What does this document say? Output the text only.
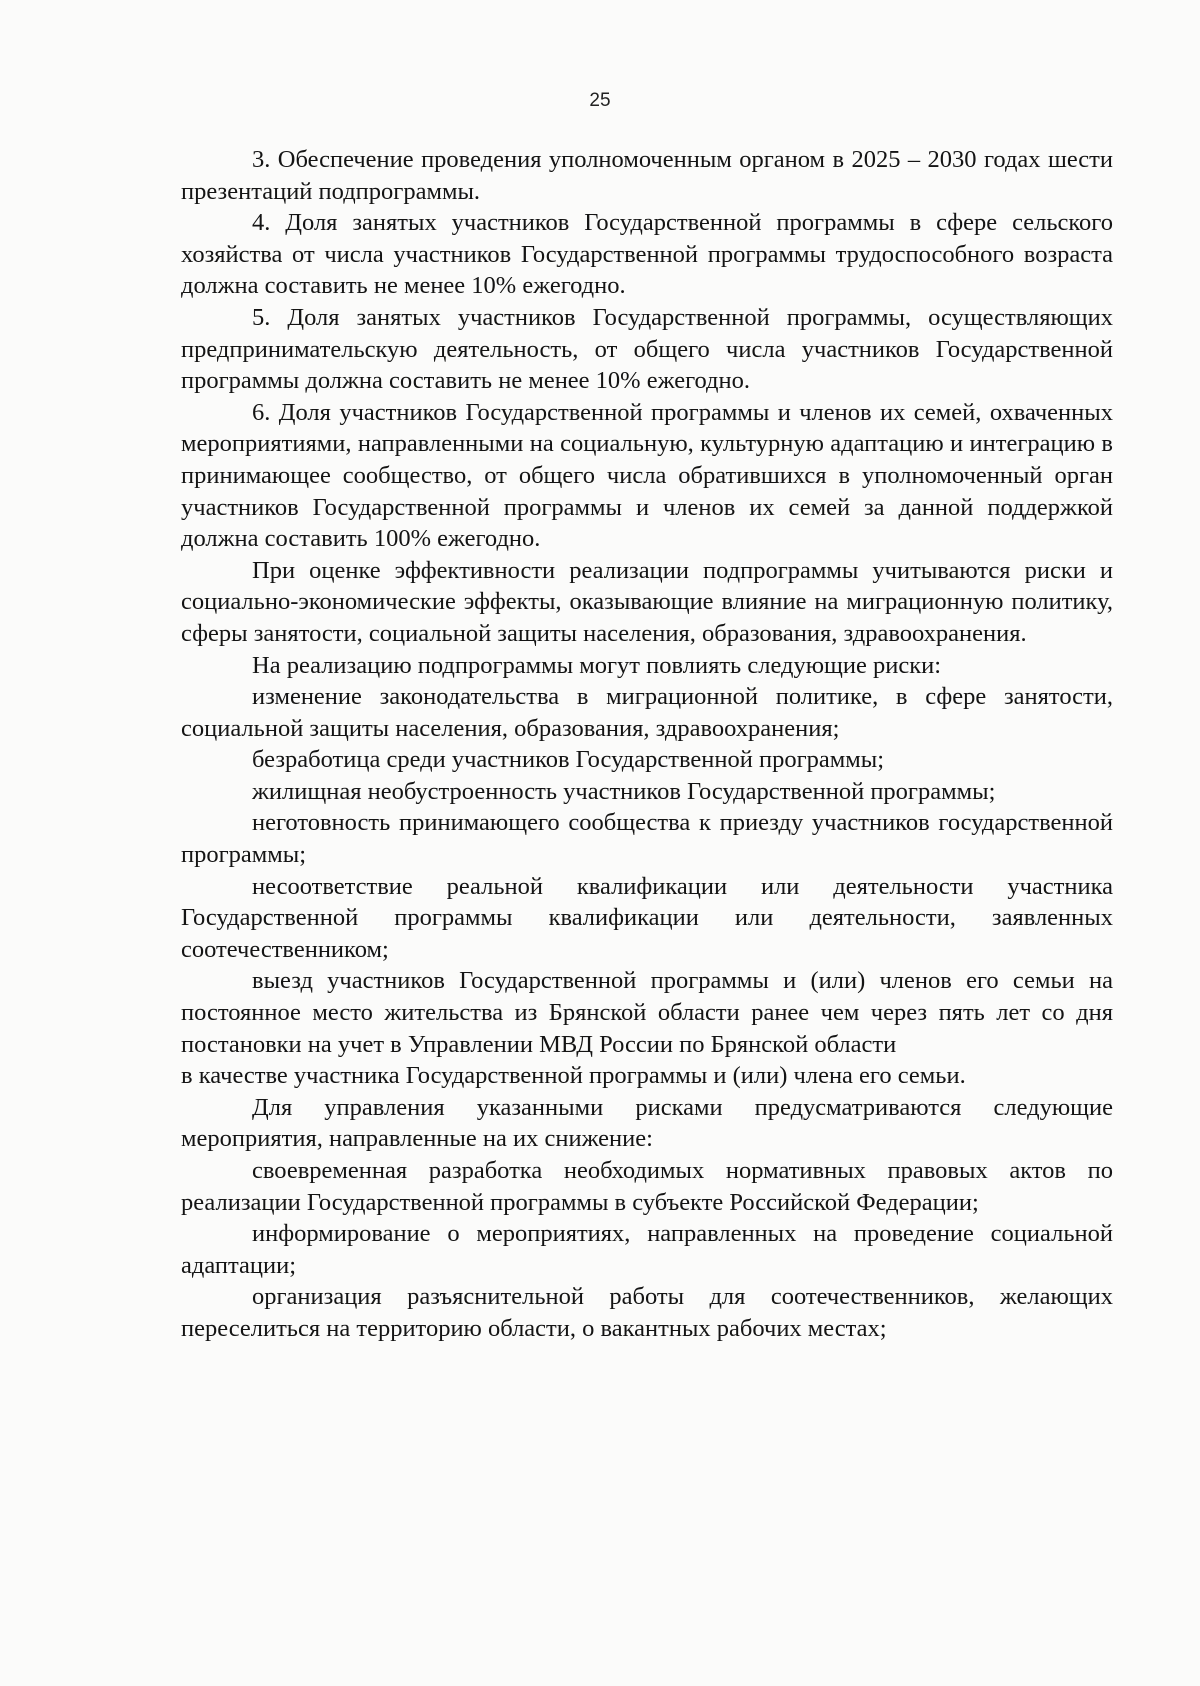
25

3. Обеспечение проведения уполномоченным органом в 2025 – 2030 годах шести презентаций подпрограммы.

4. Доля занятых участников Государственной программы в сфере сельского хозяйства от числа участников Государственной программы трудоспособного возраста должна составить не менее 10% ежегодно.

5. Доля занятых участников Государственной программы, осуществляющих предпринимательскую деятельность, от общего числа участников Государственной программы должна составить не менее 10% ежегодно.

6. Доля участников Государственной программы и членов их семей, охваченных мероприятиями, направленными на социальную, культурную адаптацию и интеграцию в принимающее сообщество, от общего числа обратившихся в уполномоченный орган участников Государственной программы и членов их семей за данной поддержкой должна составить 100% ежегодно.

При оценке эффективности реализации подпрограммы учитываются риски и социально-экономические эффекты, оказывающие влияние на миграционную политику, сферы занятости, социальной защиты населения, образования, здравоохранения.

На реализацию подпрограммы могут повлиять следующие риски:

изменение законодательства в миграционной политике, в сфере занятости, социальной защиты населения, образования, здравоохранения;

безработица среди участников Государственной программы;

жилищная необустроенность участников Государственной программы;

неготовность принимающего сообщества к приезду участников государственной программы;

несоответствие реальной квалификации или деятельности участника Государственной программы квалификации или деятельности, заявленных соотечественником;

выезд участников Государственной программы и (или) членов его семьи на постоянное место жительства из Брянской области ранее чем через пять лет со дня постановки на учет в Управлении МВД России по Брянской области

в качестве участника Государственной программы и (или) члена его семьи.

Для управления указанными рисками предусматриваются следующие мероприятия, направленные на их снижение:

своевременная разработка необходимых нормативных правовых актов по реализации Государственной программы в субъекте Российской Федерации;

информирование о мероприятиях, направленных на проведение социальной адаптации;

организация разъяснительной работы для соотечественников, желающих переселиться на территорию области, о вакантных рабочих местах;
